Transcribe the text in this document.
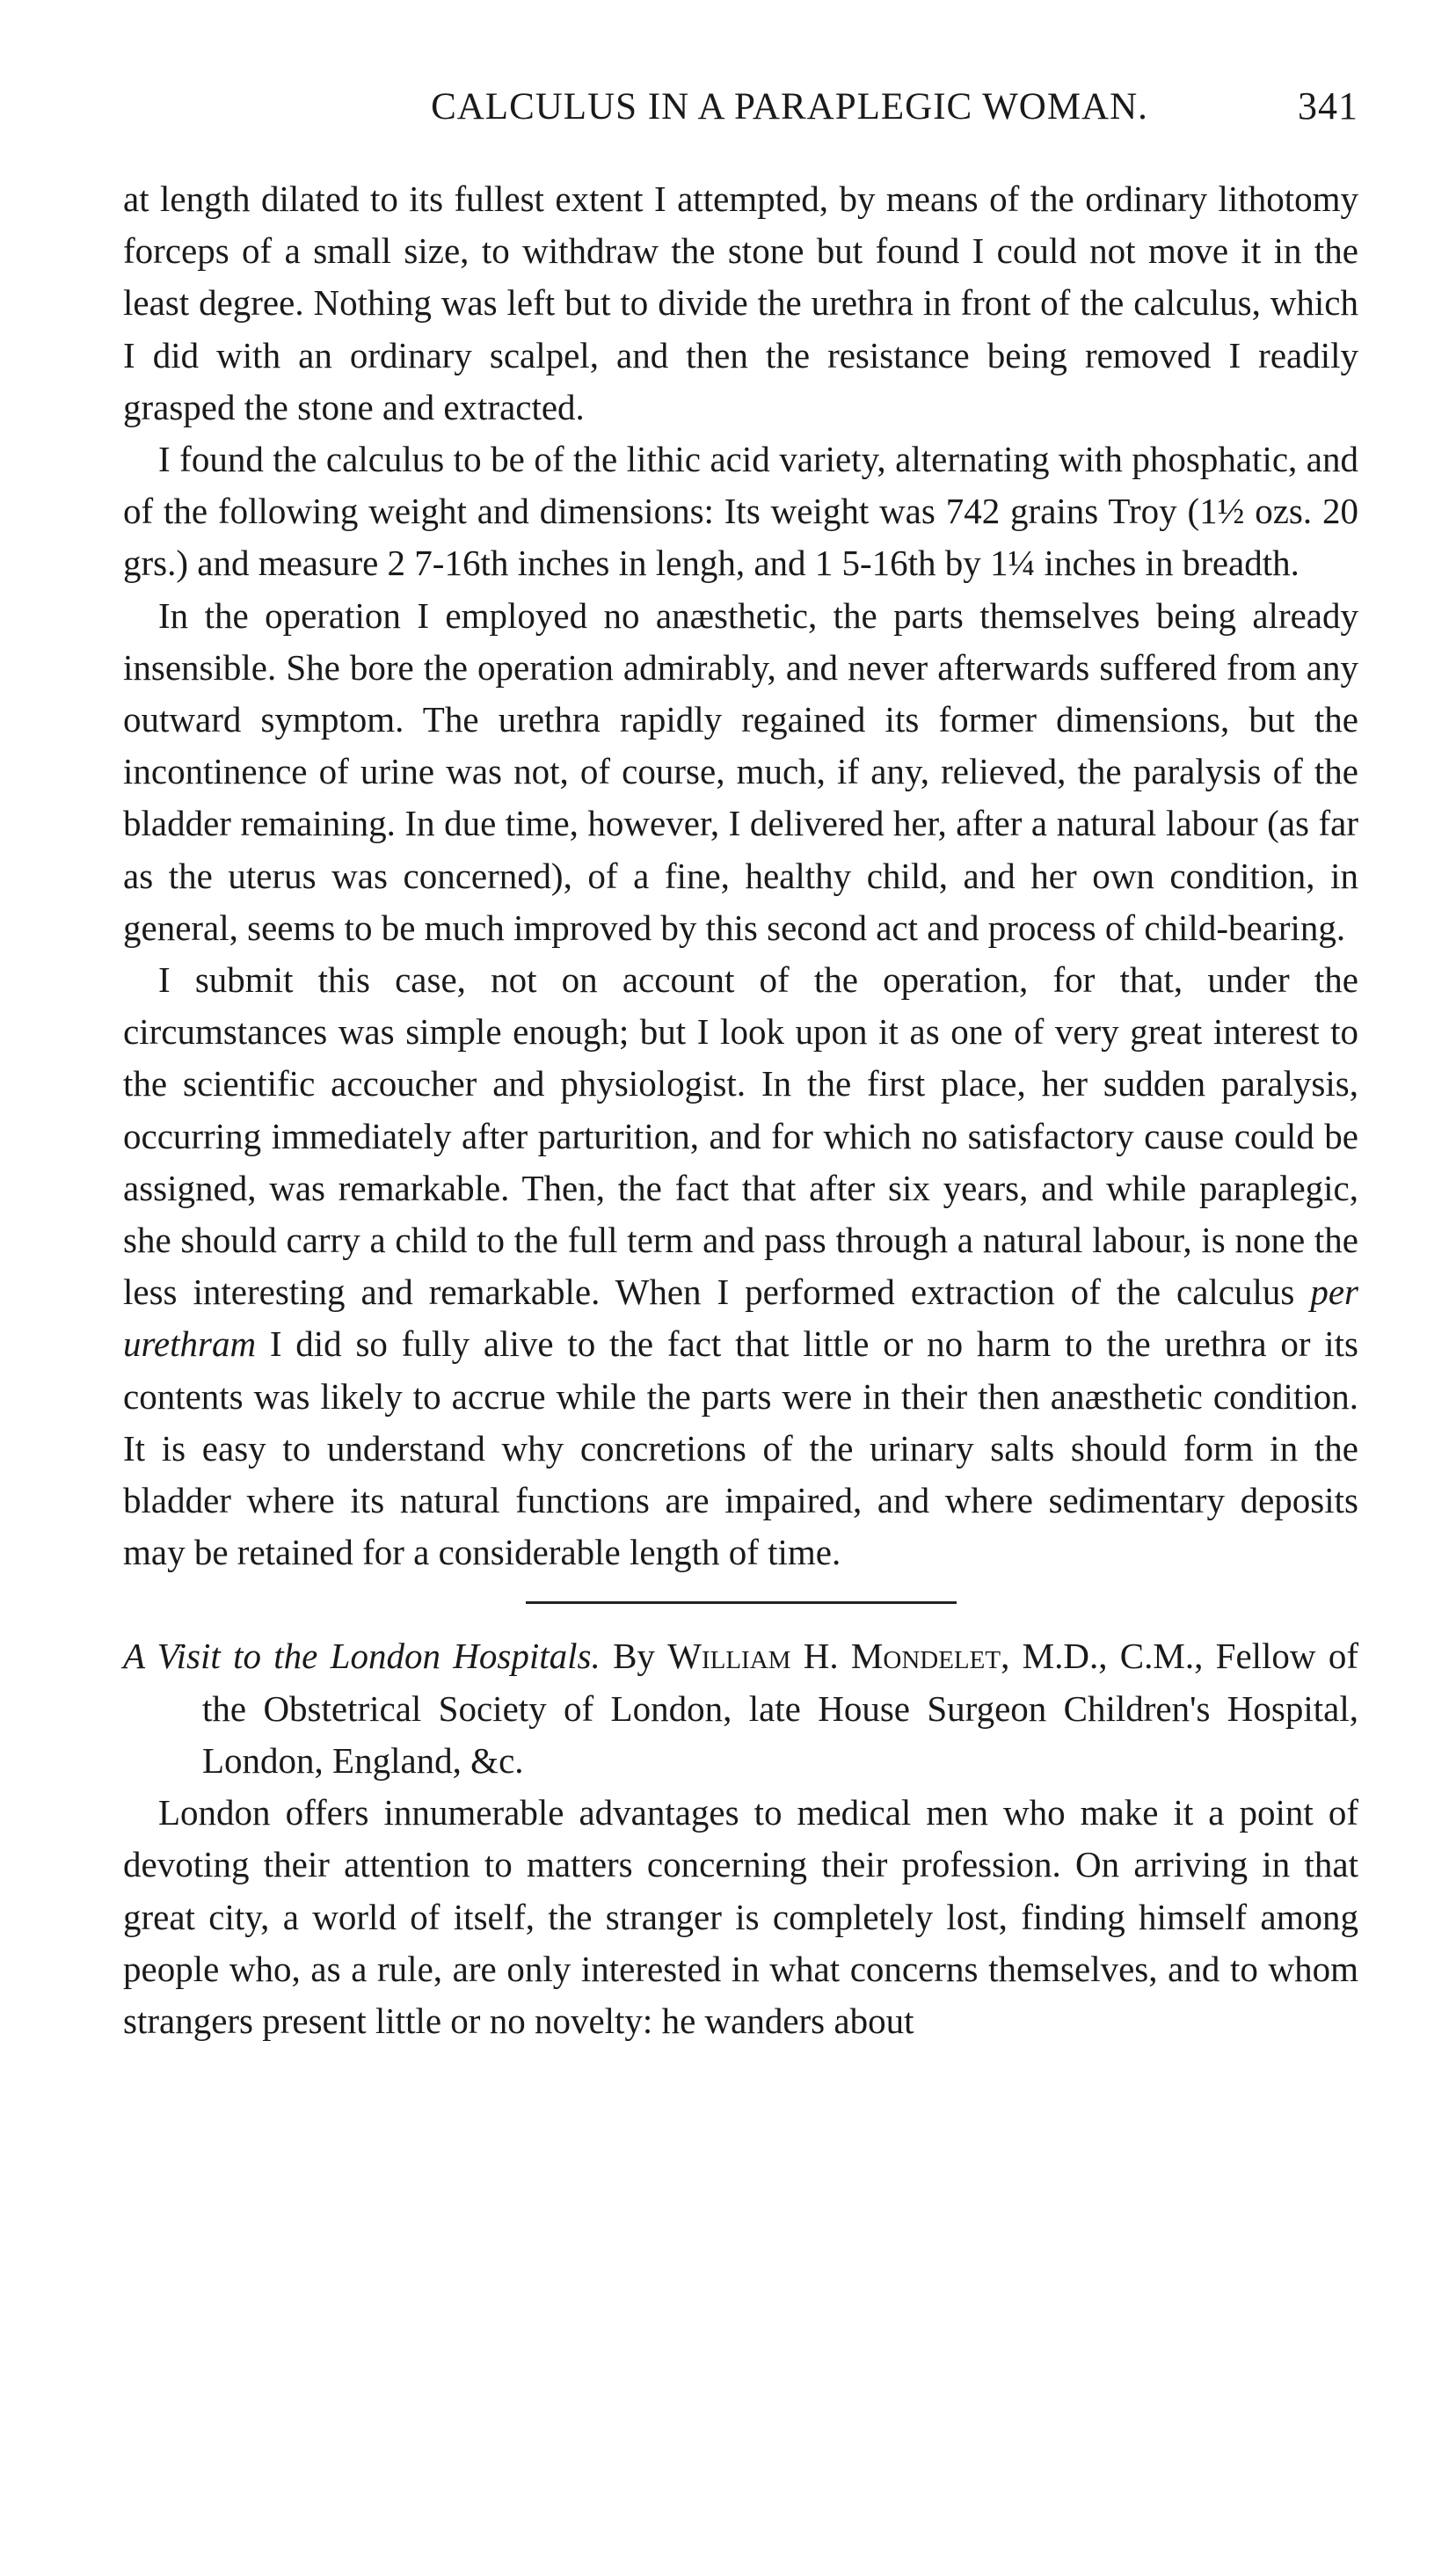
CALCULUS IN A PARAPLEGIC WOMAN.	341

at length dilated to its fullest extent I attempted, by means of the ordinary lithotomy forceps of a small size, to withdraw the stone but found I could not move it in the least degree. Nothing was left but to divide the urethra in front of the calculus, which I did with an ordinary scalpel, and then the resistance being removed I readily grasped the stone and extracted.

I found the calculus to be of the lithic acid variety, alternating with phosphatic, and of the following weight and dimensions: Its weight was 742 grains Troy (1½ ozs. 20 grs.) and measure 2 7-16th inches in lengh, and 1 5-16th by 1¼ inches in breadth.

In the operation I employed no anæsthetic, the parts themselves being already insensible. She bore the operation admirably, and never afterwards suffered from any outward symptom. The urethra rapidly regained its former dimensions, but the incontinence of urine was not, of course, much, if any, relieved, the paralysis of the bladder remaining. In due time, however, I delivered her, after a natural labour (as far as the uterus was concerned), of a fine, healthy child, and her own condition, in general, seems to be much improved by this second act and process of child-bearing.

I submit this case, not on account of the operation, for that, under the circumstances was simple enough; but I look upon it as one of very great interest to the scientific accoucher and physiologist. In the first place, her sudden paralysis, occurring immediately after parturition, and for which no satisfactory cause could be assigned, was remarkable. Then, the fact that after six years, and while paraplegic, she should carry a child to the full term and pass through a natural labour, is none the less interesting and remarkable. When I performed extraction of the calculus per urethram I did so fully alive to the fact that little or no harm to the urethra or its contents was likely to accrue while the parts were in their then anæsthetic condition. It is easy to understand why concretions of the urinary salts should form in the bladder where its natural functions are impaired, and where sedimentary deposits may be retained for a considerable length of time.

A Visit to the London Hospitals. By William H. Mondelet, M.D., C.M., Fellow of the Obstetrical Society of London, late House Surgeon Children's Hospital, London, England, &c.

London offers innumerable advantages to medical men who make it a point of devoting their attention to matters concerning their profession. On arriving in that great city, a world of itself, the stranger is completely lost, finding himself among people who, as a rule, are only interested in what concerns themselves, and to whom strangers present little or no novelty: he wanders about
